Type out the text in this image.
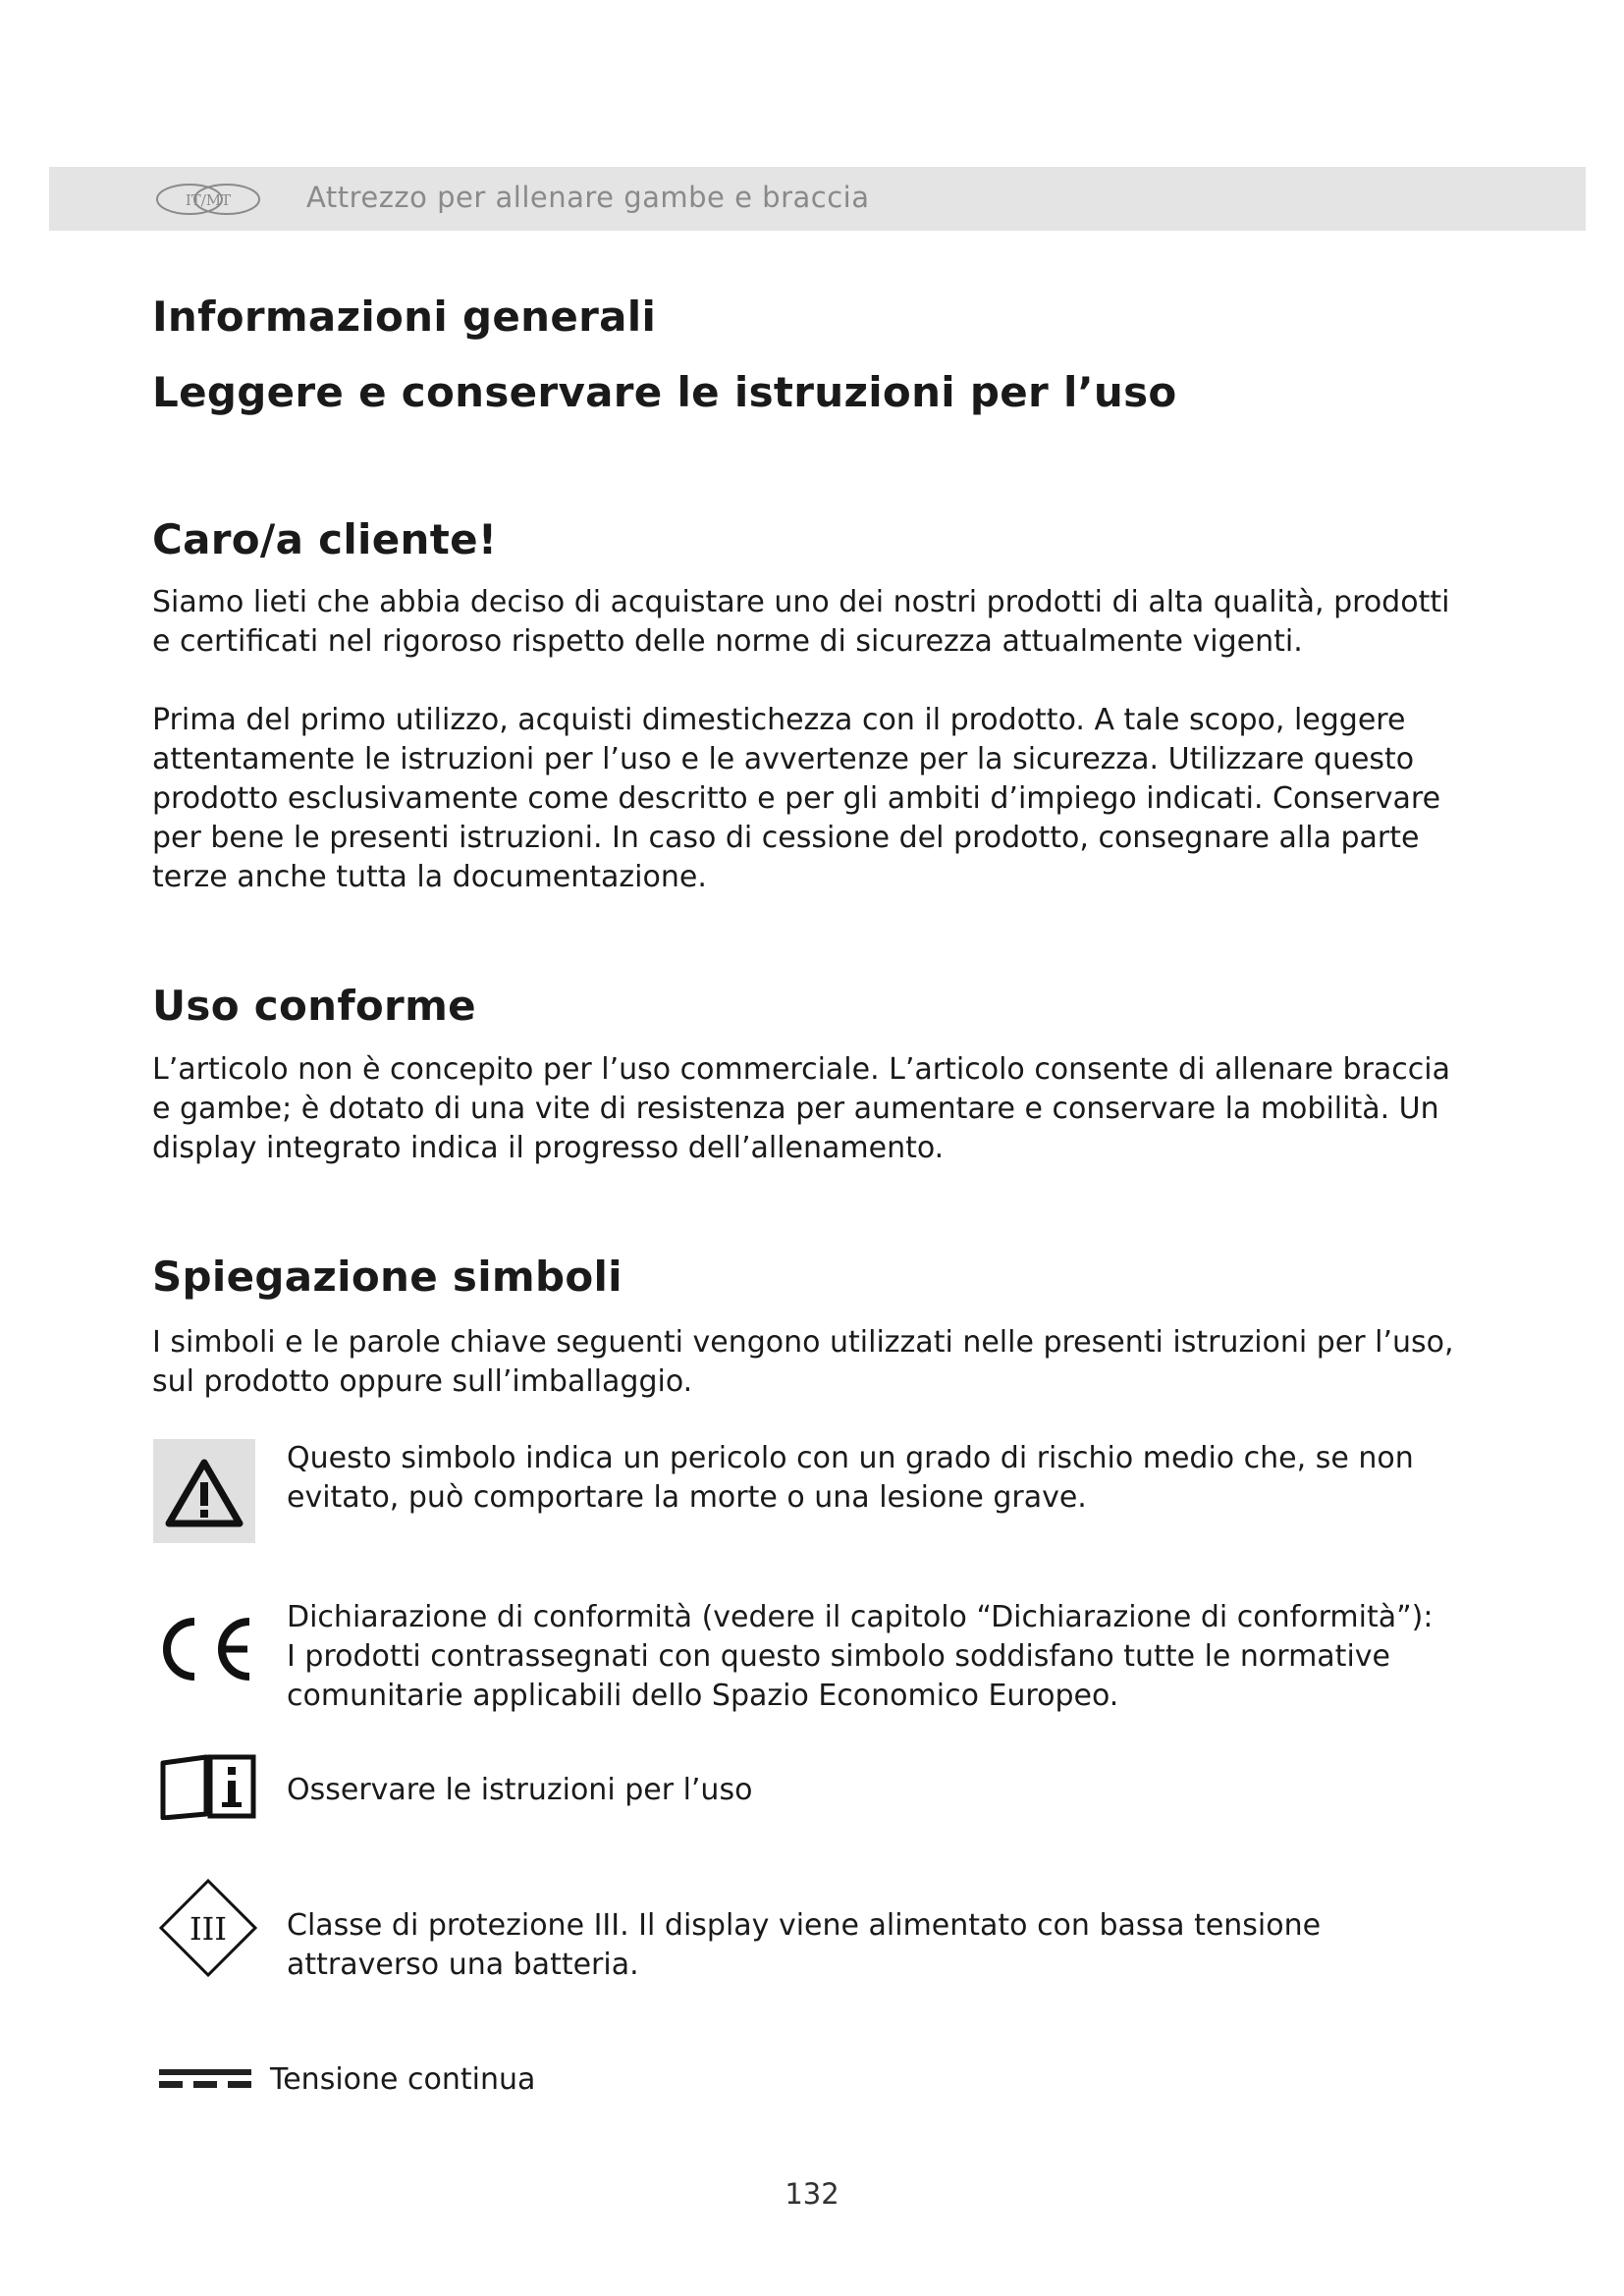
IT/MT	Attrezzo per allenare gambe e braccia
Informazioni generali
Leggere e conservare le istruzioni per l’uso
Caro/a cliente!

Siamo lieti che abbia deciso di acquistare uno dei nostri prodotti di alta qualità, prodotti e certificati nel rigoroso rispetto delle norme di sicurezza attualmente vigenti.

Prima del primo utilizzo, acquisti dimestichezza con il prodotto. A tale scopo, leggere attentamente le istruzioni per l’uso e le avvertenze per la sicurezza. Utilizzare questo prodotto esclusivamente come descritto e per gli ambiti d’impiego indicati. Conservare per bene le presenti istruzioni. In caso di cessione del prodotto, consegnare alla parte terze anche tutta la documentazione.

Uso conforme

L’articolo non è concepito per l’uso commerciale. L’articolo consente di allenare braccia e gambe; è dotato di una vite di resistenza per aumentare e conservare la mobilità. Un display integrato indica il progresso dell’allenamento.

Spiegazione simboli

I simboli e le parole chiave seguenti vengono utilizzati nelle presenti istruzioni per l’uso, sul prodotto oppure sull’imballaggio.

Questo simbolo indica un pericolo con un grado di rischio medio che, se non evitato, può comportare la morte o una lesione grave.

Dichiarazione di conformità (vedere il capitolo “Dichiarazione di conformità”):

I prodotti contrassegnati con questo simbolo soddisfano tutte le normative comunitarie applicabili dello Spazio Economico Europeo.

Osservare le istruzioni per l’uso

III Classe di protezione III. Il display viene alimentato con bassa tensione attraverso una batteria.

Tensione continua

132
